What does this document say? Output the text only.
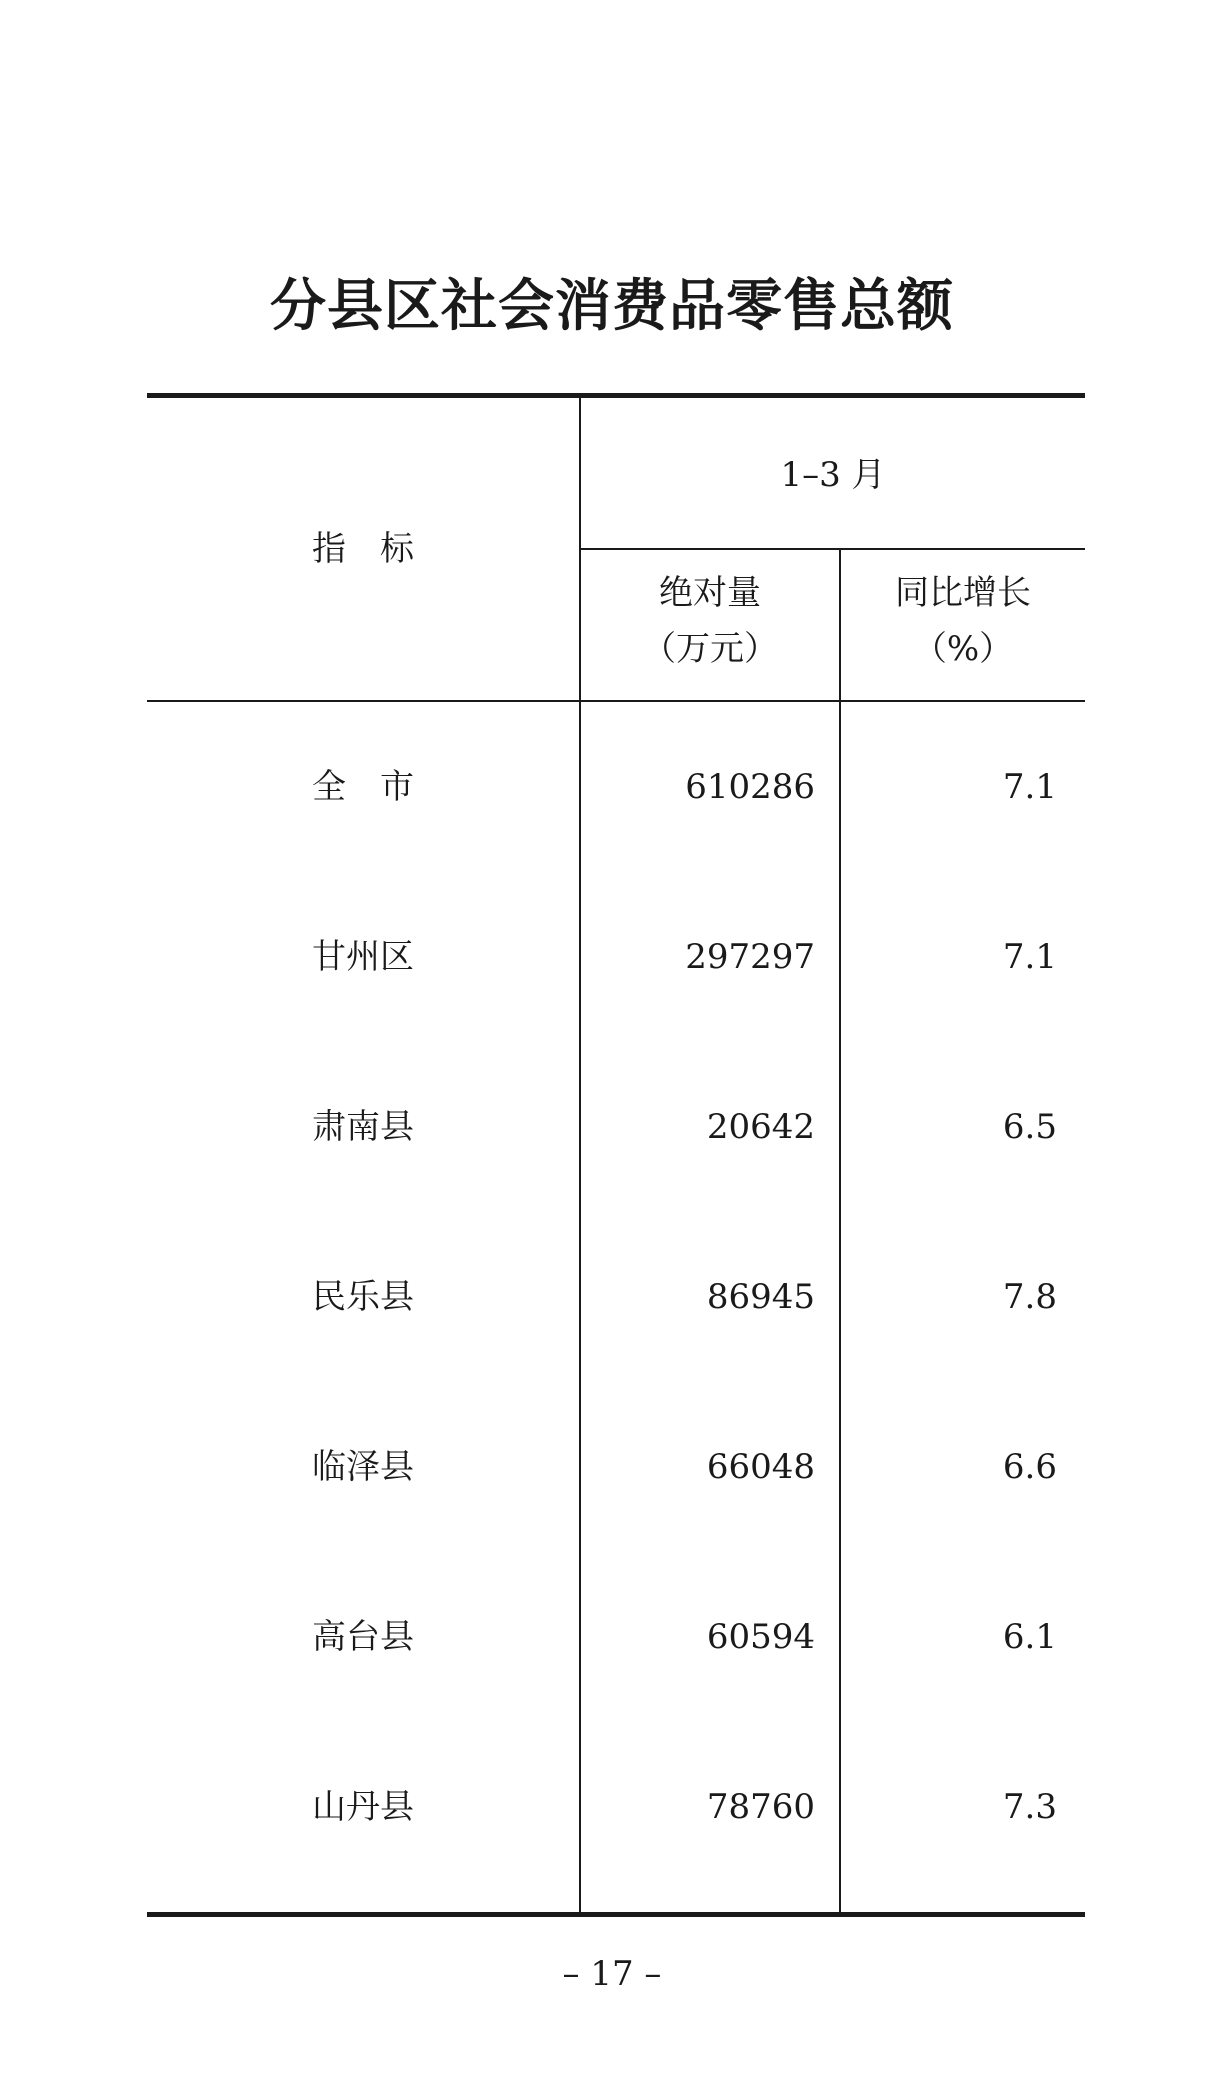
分县区社会消费品零售总额
指　标
1–3 月
绝对量
（万元）
同比增长
（%）
全　市	610286	7.1
甘州区	297297	7.1
肃南县	20642	6.5
民乐县	86945	7.8
临泽县	66048	6.6
高台县	60594	6.1
山丹县	78760	7.3
– 17 –
